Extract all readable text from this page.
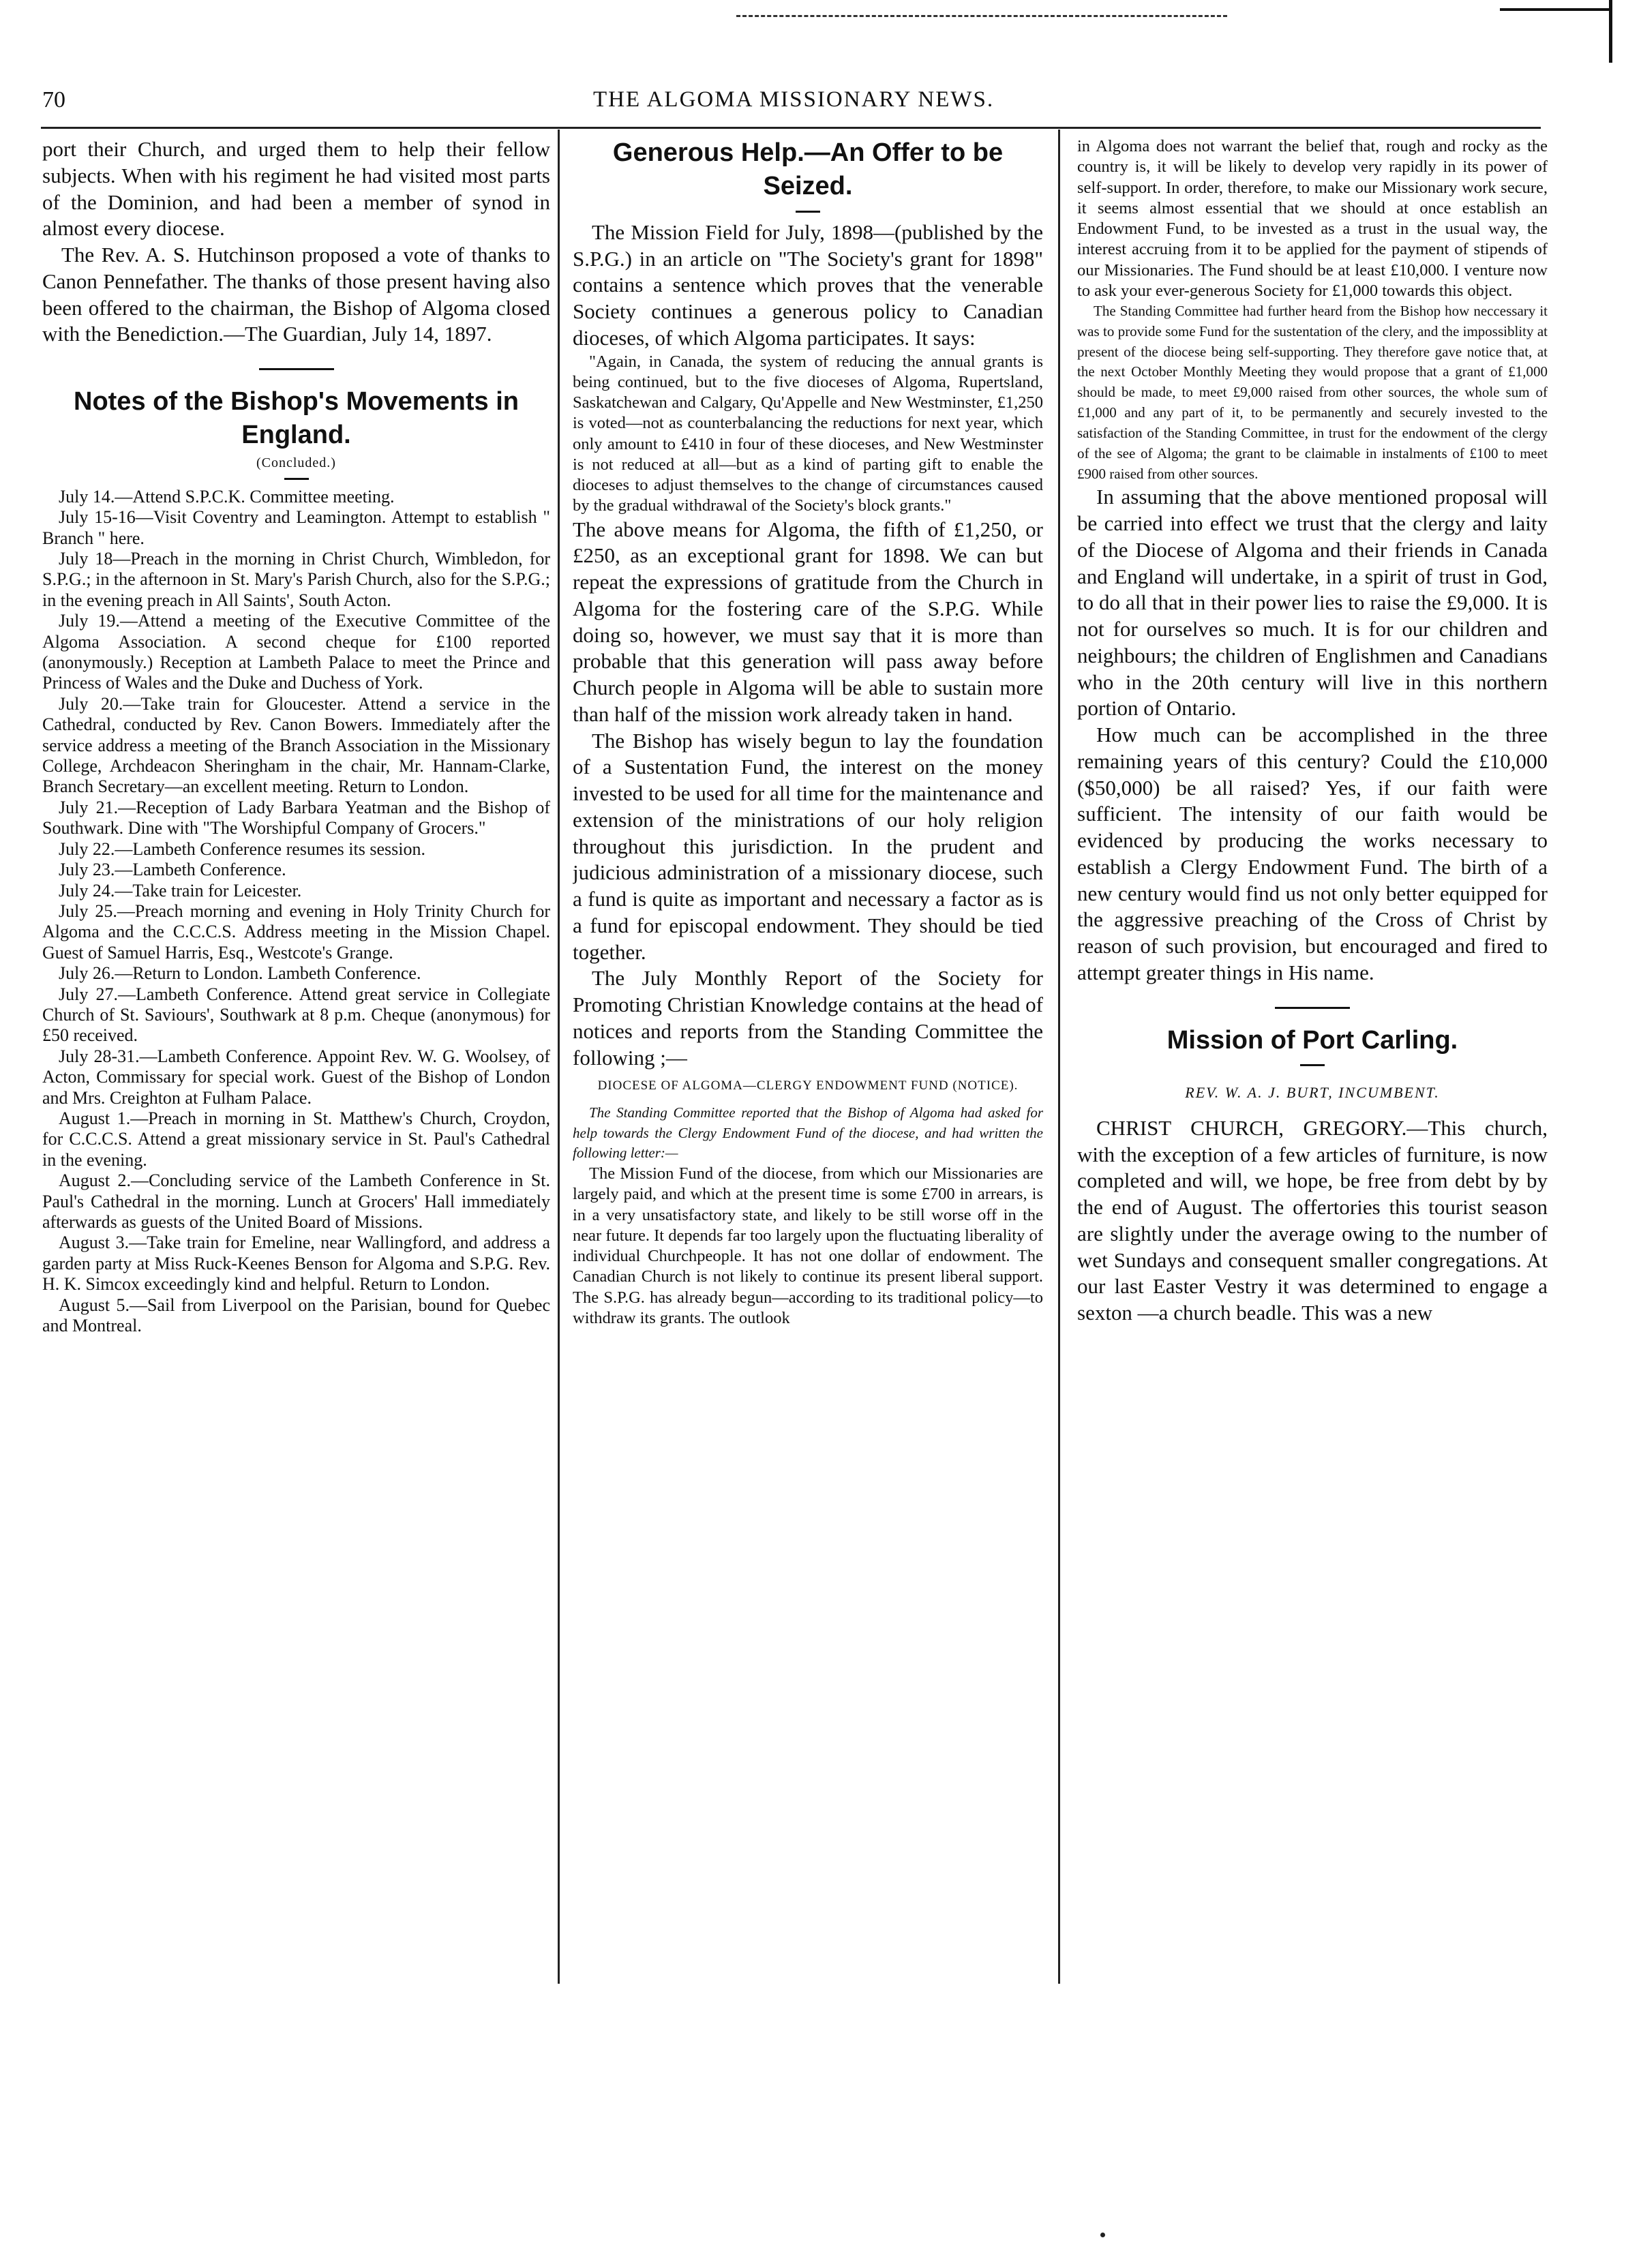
70	THE ALGOMA MISSIONARY NEWS.

port their Church, and urged them to help their fellow subjects. When with his regiment he had visited most parts of the Dominion, and had been a member of synod in almost every diocese.

The Rev. A. S. Hutchinson proposed a vote of thanks to Canon Pennefather. The thanks of those present having also been offered to the chairman, the Bishop of Algoma closed with the Benediction.—The Guardian, July 14, 1897.

Notes of the Bishop's Movements in England.
(Concluded.)

July 14.—Attend S.P.C.K. Committee meeting.

July 15-16—Visit Coventry and Leamington. Attempt to establish " Branch " here.

July 18—Preach in the morning in Christ Church, Wimbledon, for S.P.G.; in the afternoon in St. Mary's Parish Church, also for the S.P.G.; in the evening preach in All Saints', South Acton.

July 19.—Attend a meeting of the Executive Committee of the Algoma Association. A second cheque for £100 reported (anonymously.) Reception at Lambeth Palace to meet the Prince and Princess of Wales and the Duke and Duchess of York.

July 20.—Take train for Gloucester. Attend a service in the Cathedral, conducted by Rev. Canon Bowers. Immediately after the service address a meeting of the Branch Association in the Missionary College, Archdeacon Sheringham in the chair, Mr. Hannam-Clarke, Branch Secretary—an excellent meeting. Return to London.

July 21.—Reception of Lady Barbara Yeatman and the Bishop of Southwark. Dine with "The Worshipful Company of Grocers."

July 22.—Lambeth Conference resumes its session.

July 23.—Lambeth Conference.

July 24.—Take train for Leicester.

July 25.—Preach morning and evening in Holy Trinity Church for Algoma and the C.C.C.S. Address meeting in the Mission Chapel. Guest of Samuel Harris, Esq., Westcote's Grange.

July 26.—Return to London. Lambeth Conference.

July 27.—Lambeth Conference. Attend great service in Collegiate Church of St. Saviours', Southwark at 8 p.m. Cheque (anonymous) for £50 received.

July 28-31.—Lambeth Conference. Appoint Rev. W. G. Woolsey, of Acton, Commissary for special work. Guest of the Bishop of London and Mrs. Creighton at Fulham Palace.

August 1.—Preach in morning in St. Matthew's Church, Croydon, for C.C.C.S. Attend a great missionary service in St. Paul's Cathedral in the evening.

August 2.—Concluding service of the Lambeth Conference in St. Paul's Cathedral in the morning. Lunch at Grocers' Hall immediately afterwards as guests of the United Board of Missions.

August 3.—Take train for Emeline, near Wallingford, and address a garden party at Miss Ruck-Keenes Benson for Algoma and S.P.G. Rev. H. K. Simcox exceedingly kind and helpful. Return to London.

August 5.—Sail from Liverpool on the Parisian, bound for Quebec and Montreal.

Generous Help.—An Offer to be Seized.

The Mission Field for July, 1898—(published by the S.P.G.) in an article on "The Society's grant for 1898" contains a sentence which proves that the venerable Society continues a generous policy to Canadian dioceses, of which Algoma participates. It says:

"Again, in Canada, the system of reducing the annual grants is being continued, but to the five dioceses of Algoma, Rupertsland, Saskatchewan and Calgary, Qu'Appelle and New Westminster, £1,250 is voted—not as counterbalancing the reductions for next year, which only amount to £410 in four of these dioceses, and New Westminster is not reduced at all—but as a kind of parting gift to enable the dioceses to adjust themselves to the change of circumstances caused by the gradual withdrawal of the Society's block grants."

The above means for Algoma, the fifth of £1,250, or £250, as an exceptional grant for 1898. We can but repeat the expressions of gratitude from the Church in Algoma for the fostering care of the S.P.G. While doing so, however, we must say that it is more than probable that this generation will pass away before Church people in Algoma will be able to sustain more than half of the mission work already taken in hand.

The Bishop has wisely begun to lay the foundation of a Sustentation Fund, the interest on the money invested to be used for all time for the maintenance and extension of the ministrations of our holy religion throughout this jurisdiction. In the prudent and judicious administration of a missionary diocese, such a fund is quite as important and necessary a factor as is a fund for episcopal endowment. They should be tied together.

The July Monthly Report of the Society for Promoting Christian Knowledge contains at the head of notices and reports from the Standing Committee the following ;—

DIOCESE OF ALGOMA—CLERGY ENDOWMENT FUND (NOTICE).

The Standing Committee reported that the Bishop of Algoma had asked for help towards the Clergy Endowment Fund of the diocese, and had written the following letter:—

The Mission Fund of the diocese, from which our Missionaries are largely paid, and which at the present time is some £700 in arrears, is in a very unsatisfactory state, and likely to be still worse off in the near future. It depends far too largely upon the fluctuating liberality of individual Churchpeople. It has not one dollar of endowment. The Canadian Church is not likely to continue its present liberal support. The S.P.G. has already begun—according to its traditional policy—to withdraw its grants. The outlook

in Algoma does not warrant the belief that, rough and rocky as the country is, it will be likely to develop very rapidly in its power of self-support. In order, therefore, to make our Missionary work secure, it seems almost essential that we should at once establish an Endowment Fund, to be invested as a trust in the usual way, the interest accruing from it to be applied for the payment of stipends of our Missionaries. The Fund should be at least £10,000. I venture now to ask your ever-generous Society for £1,000 towards this object.

The Standing Committee had further heard from the Bishop how neccessary it was to provide some Fund for the sustentation of the clery, and the impossiblity at present of the diocese being self-supporting. They therefore gave notice that, at the next October Monthly Meeting they would propose that a grant of £1,000 should be made, to meet £9,000 raised from other sources, the whole sum of £1,000 and any part of it, to be permanently and securely invested to the satisfaction of the Standing Committee, in trust for the endowment of the clergy of the see of Algoma; the grant to be claimable in instalments of £100 to meet £900 raised from other sources.

In assuming that the above mentioned proposal will be carried into effect we trust that the clergy and laity of the Diocese of Algoma and their friends in Canada and England will undertake, in a spirit of trust in God, to do all that in their power lies to raise the £9,000. It is not for ourselves so much. It is for our children and neighbours; the children of Englishmen and Canadians who in the 20th century will live in this northern portion of Ontario.

How much can be accomplished in the three remaining years of this century? Could the £10,000 ($50,000) be all raised? Yes, if our faith were sufficient. The intensity of our faith would be evidenced by producing the works necessary to establish a Clergy Endowment Fund. The birth of a new century would find us not only better equipped for the aggressive preaching of the Cross of Christ by reason of such provision, but encouraged and fired to attempt greater things in His name.

Mission of Port Carling.
REV. W. A. J. BURT, INCUMBENT.

CHRIST CHURCH, GREGORY.—This church, with the exception of a few articles of furniture, is now completed and will, we hope, be free from debt by by the end of August. The offertories this tourist season are slightly under the average owing to the number of wet Sundays and consequent smaller congregations. At our last Easter Vestry it was determined to engage a sexton —a church beadle. This was a new
